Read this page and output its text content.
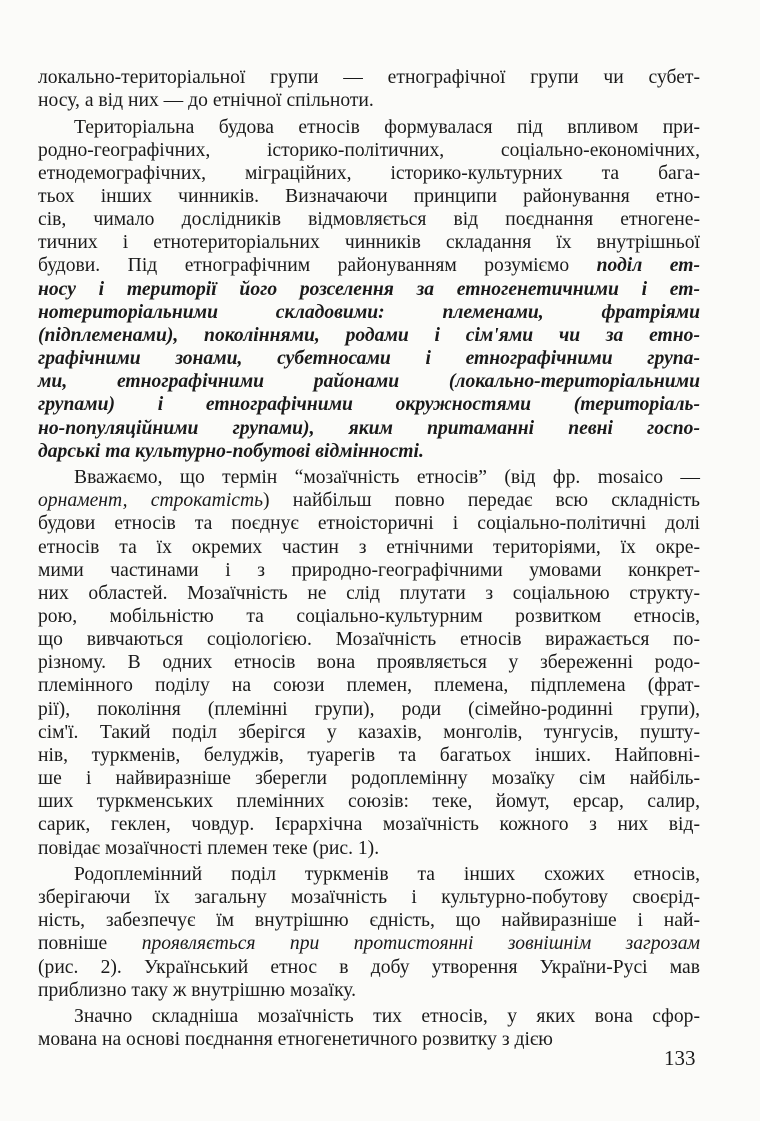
локально-територіальної групи — етнографічної групи чи субет-
носу, а від них — до етнічної спільноти.
Територіальна будова етносів формувалася під впливом при-
родно-географічних, історико-політичних, соціально-економічних,
етнодемографічних, міграційних, історико-культурних та бага-
тьох інших чинників. Визначаючи принципи районування етно-
сів, чимало дослідників відмовляється від поєднання етногене-
тичних і етнотериторіальних чинників складання їх внутрішньої
будови. Під етнографічним районуванням розуміємо поділ ет-
носу і території його розселення за етногенетичними і ет-
нотериторіальними складовими: племенами, фратріями
(підплеменами), поколіннями, родами і сім'ями чи за етно-
графічними зонами, субетносами і етнографічними група-
ми, етнографічними районами (локально-територіальними
групами) і етнографічними окружностями (територіаль-
но-популяційними групами), яким притаманні певні госпо-
дарські та культурно-побутові відмінності.
Вважаємо, що термін “мозаїчність етносів” (від фр. mosaico —
орнамент, строкатість) найбільш повно передає всю складність
будови етносів та поєднує етноісторичні і соціально-політичні долі
етносів та їх окремих частин з етнічними територіями, їх окре-
мими частинами і з природно-географічними умовами конкрет-
них областей. Мозаїчність не слід плутати з соціальною структу-
рою, мобільністю та соціально-культурним розвитком етносів,
що вивчаються соціологією. Мозаїчність етносів виражається по-
різному. В одних етносів вона проявляється у збереженні родо-
племінного поділу на союзи племен, племена, підплемена (фрат-
рії), покоління (племінні групи), роди (сімейно-родинні групи),
сім'ї. Такий поділ зберігся у казахів, монголів, тунгусів, пушту-
нів, туркменів, белуджів, туарегів та багатьох інших. Найповні-
ше і найвиразніше зберегли родоплемінну мозаїку сім найбіль-
ших туркменських племінних союзів: теке, йомут, ерсар, салир,
сарик, геклен, човдур. Ієрархічна мозаїчність кожного з них від-
повідає мозаїчності племен теке (рис. 1).
Родоплемінний поділ туркменів та інших схожих етносів,
зберігаючи їх загальну мозаїчність і культурно-побутову своєрід-
ність, забезпечує їм внутрішню єдність, що найвиразніше і най-
повніше проявляється при протистоянні зовнішнім загрозам
(рис. 2). Український етнос в добу утворення України-Русі мав
приблизно таку ж внутрішню мозаїку.
Значно складніша мозаїчність тих етносів, у яких вона сфор-
мована на основі поєднання етногенетичного розвитку з дією
133
